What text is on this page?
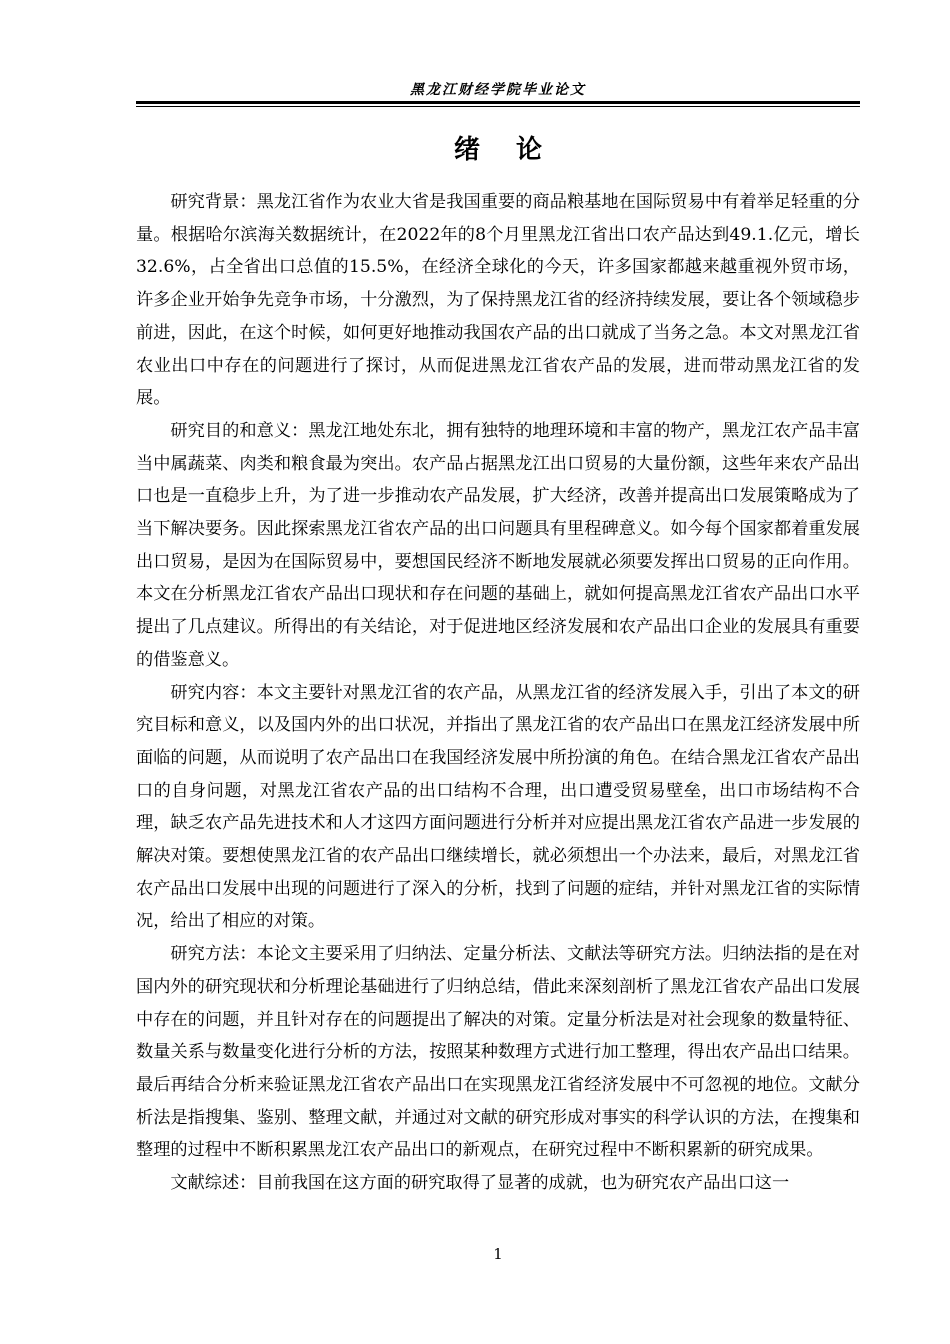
黑龙江财经学院毕业论文
绪论

研究背景：黑龙江省作为农业大省是我国重要的商品粮基地在国际贸易中有着举足轻重的分量。根据哈尔滨海关数据统计，在2022年的8个月里黑龙江省出口农产品达到49.1.亿元，增长32.6%，占全省出口总值的15.5%，在经济全球化的今天，许多国家都越来越重视外贸市场，许多企业开始争先竞争市场，十分激烈，为了保持黑龙江省的经济持续发展，要让各个领域稳步前进，因此，在这个时候，如何更好地推动我国农产品的出口就成了当务之急。本文对黑龙江省农业出口中存在的问题进行了探讨，从而促进黑龙江省农产品的发展，进而带动黑龙江省的发展。

研究目的和意义：黑龙江地处东北，拥有独特的地理环境和丰富的物产，黑龙江农产品丰富当中属蔬菜、肉类和粮食最为突出。农产品占据黑龙江出口贸易的大量份额，这些年来农产品出口也是一直稳步上升，为了进一步推动农产品发展，扩大经济，改善并提高出口发展策略成为了当下解决要务。因此探索黑龙江省农产品的出口问题具有里程碑意义。如今每个国家都着重发展出口贸易，是因为在国际贸易中，要想国民经济不断地发展就必须要发挥出口贸易的正向作用。本文在分析黑龙江省农产品出口现状和存在问题的基础上，就如何提高黑龙江省农产品出口水平提出了几点建议。所得出的有关结论，对于促进地区经济发展和农产品出口企业的发展具有重要的借鉴意义。

研究内容：本文主要针对黑龙江省的农产品，从黑龙江省的经济发展入手，引出了本文的研究目标和意义，以及国内外的出口状况，并指出了黑龙江省的农产品出口在黑龙江经济发展中所面临的问题，从而说明了农产品出口在我国经济发展中所扮演的角色。在结合黑龙江省农产品出口的自身问题，对黑龙江省农产品的出口结构不合理，出口遭受贸易壁垒，出口市场结构不合理，缺乏农产品先进技术和人才这四方面问题进行分析并对应提出黑龙江省农产品进一步发展的解决对策。要想使黑龙江省的农产品出口继续增长，就必须想出一个办法来，最后，对黑龙江省农产品出口发展中出现的问题进行了深入的分析，找到了问题的症结，并针对黑龙江省的实际情况，给出了相应的对策。

研究方法：本论文主要采用了归纳法、定量分析法、文献法等研究方法。归纳法指的是在对国内外的研究现状和分析理论基础进行了归纳总结，借此来深刻剖析了黑龙江省农产品出口发展中存在的问题，并且针对存在的问题提出了解决的对策。定量分析法是对社会现象的数量特征、数量关系与数量变化进行分析的方法，按照某种数理方式进行加工整理，得出农产品出口结果。最后再结合分析来验证黑龙江省农产品出口在实现黑龙江省经济发展中不可忽视的地位。文献分析法是指搜集、鉴别、整理文献，并通过对文献的研究形成对事实的科学认识的方法，在搜集和整理的过程中不断积累黑龙江农产品出口的新观点，在研究过程中不断积累新的研究成果。

文献综述：目前我国在这方面的研究取得了显著的成就，也为研究农产品出口这一

1
